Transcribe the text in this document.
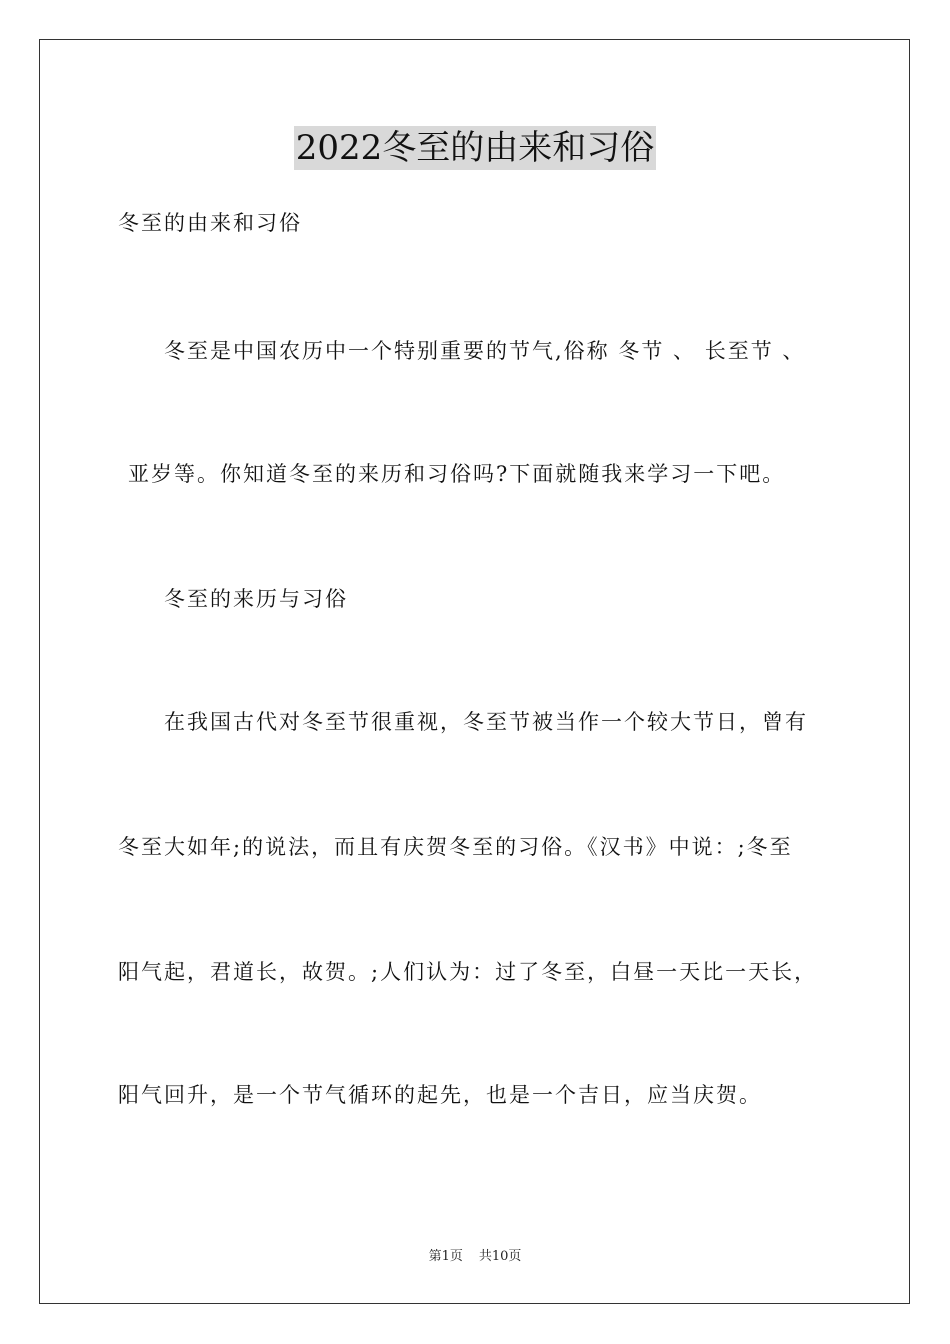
2022冬至的由来和习俗
冬至的由来和习俗
冬至是中国农历中一个特别重要的节气,俗称 冬节 、 长至节 、
亚岁等。你知道冬至的来历和习俗吗?下面就随我来学习一下吧。
冬至的来历与习俗
在我国古代对冬至节很重视，冬至节被当作一个较大节日，曾有
冬至大如年;的说法，而且有庆贺冬至的习俗。《汉书》中说：;冬至
阳气起，君道长，故贺。;人们认为：过了冬至，白昼一天比一天长，
阳气回升，是一个节气循环的起先，也是一个吉日，应当庆贺。
第1页 共10页
